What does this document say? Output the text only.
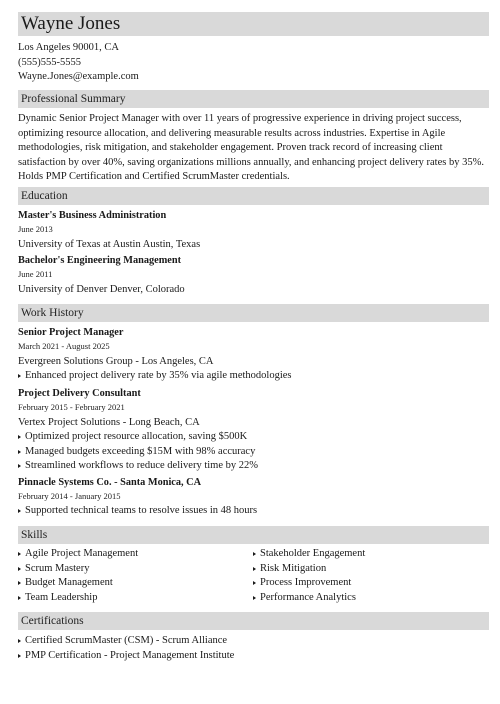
Wayne Jones
Los Angeles 90001, CA
(555)555-5555
Wayne.Jones@example.com
Professional Summary
Dynamic Senior Project Manager with over 11 years of progressive experience in driving project success, optimizing resource allocation, and delivering measurable results across industries. Expertise in Agile methodologies, risk mitigation, and stakeholder engagement. Proven track record of increasing client satisfaction by over 40%, saving organizations millions annually, and enhancing project delivery rates by 35%. Holds PMP Certification and Certified ScrumMaster credentials.
Education
Master's Business Administration
June 2013
University of Texas at Austin Austin, Texas
Bachelor's Engineering Management
June 2011
University of Denver Denver, Colorado
Work History
Senior Project Manager
March 2021 - August 2025
Evergreen Solutions Group - Los Angeles, CA
Enhanced project delivery rate by 35% via agile methodologies
Project Delivery Consultant
February 2015 - February 2021
Vertex Project Solutions - Long Beach, CA
Optimized project resource allocation, saving $500K
Managed budgets exceeding $15M with 98% accuracy
Streamlined workflows to reduce delivery time by 22%
Pinnacle Systems Co. - Santa Monica, CA
February 2014 - January 2015
Supported technical teams to resolve issues in 48 hours
Skills
Agile Project Management
Scrum Mastery
Budget Management
Team Leadership
Stakeholder Engagement
Risk Mitigation
Process Improvement
Performance Analytics
Certifications
Certified ScrumMaster (CSM) - Scrum Alliance
PMP Certification - Project Management Institute
